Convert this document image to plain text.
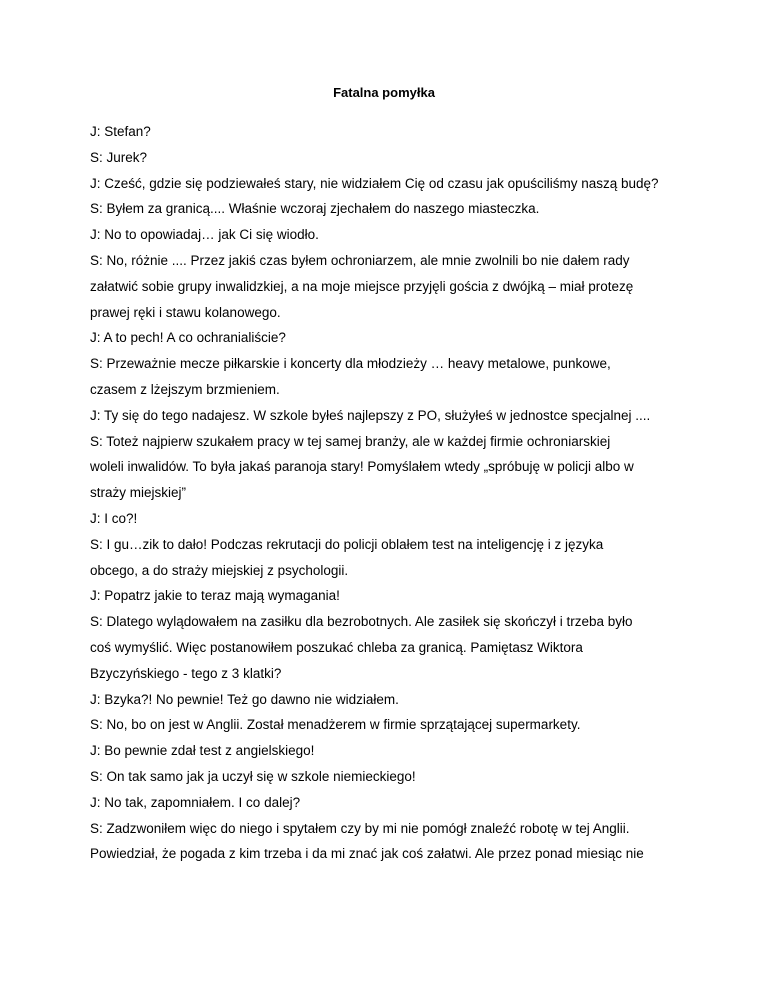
Fatalna pomyłka

J: Stefan?

S: Jurek?

J: Cześć, gdzie się podziewałeś stary, nie widziałem Cię od czasu jak opuściliśmy naszą budę?

S: Byłem za granicą.... Właśnie wczoraj zjechałem do naszego miasteczka.

J: No to opowiadaj… jak Ci się wiodło.

S: No, różnie .... Przez jakiś czas byłem ochroniarzem, ale mnie zwolnili bo nie dałem rady

załatwić sobie grupy inwalidzkiej, a na moje miejsce przyjęli gościa z dwójką – miał protezę

prawej ręki i stawu kolanowego.

J: A to pech! A co ochranialiście?

S: Przeważnie mecze piłkarskie i koncerty dla młodzieży … heavy metalowe, punkowe,

czasem z lżejszym brzmieniem.

J: Ty się do tego nadajesz. W szkole byłeś najlepszy z PO, służyłeś w jednostce specjalnej ....

S: Toteż najpierw szukałem pracy w tej samej branży, ale w każdej firmie ochroniarskiej

woleli inwalidów. To była jakaś paranoja stary! Pomyślałem wtedy „spróbuję w policji albo w

straży miejskiej”

J: I co?!

S: I gu…zik to dało! Podczas rekrutacji do policji oblałem test na inteligencję i z języka

obcego, a do straży miejskiej z psychologii.

J: Popatrz jakie to teraz mają wymagania!

S: Dlatego wylądowałem na zasiłku dla bezrobotnych. Ale zasiłek się skończył i trzeba było

coś wymyślić. Więc postanowiłem poszukać chleba za granicą. Pamiętasz Wiktora

Bzyczyńskiego - tego z 3 klatki?

J: Bzyka?! No pewnie! Też go dawno nie widziałem.

S: No, bo on jest w Anglii. Został menadżerem w firmie sprzątającej supermarkety.

J: Bo pewnie zdał test z angielskiego!

S: On tak samo jak ja uczył się w szkole niemieckiego!

J: No tak, zapomniałem. I co dalej?

S: Zadzwoniłem więc do niego i spytałem czy by mi nie pomógł znaleźć robotę w tej Anglii.

Powiedział, że pogada z kim trzeba i da mi znać jak coś załatwi. Ale przez ponad miesiąc nie
